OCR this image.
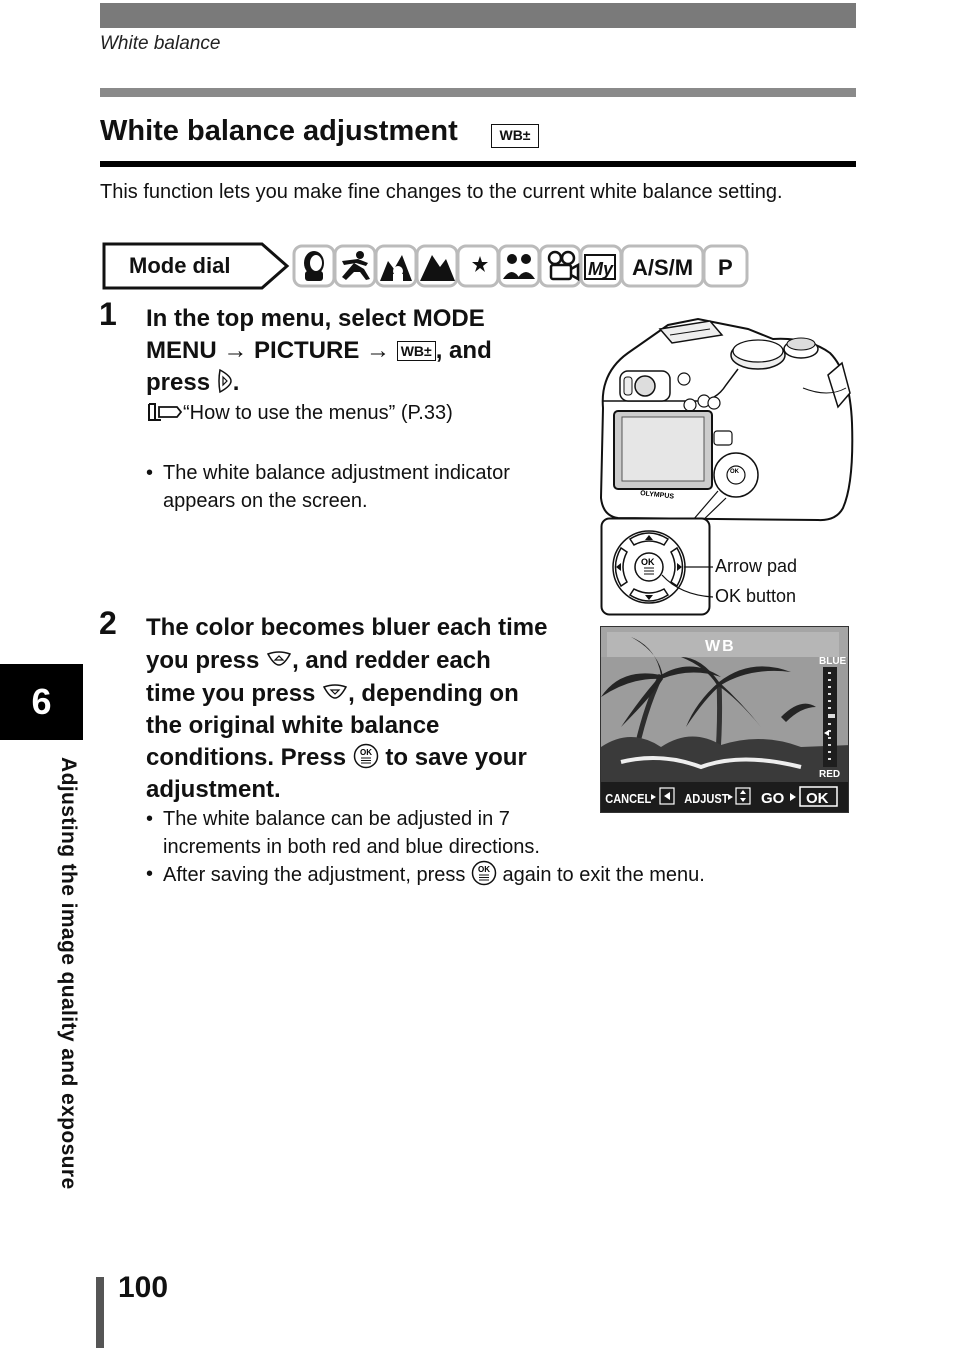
White balance
White balance adjustment	WB±
This function lets you make fine changes to the current white balance setting.
Mode dial	My A/S/M P
1 In the top menu, select MODE
MENU → PICTURE → WB± , and
press .
“How to use the menus” (P.33)
• The white balance adjustment indicator
appears on the screen.	OLYMPUS
OK
OK	Arrow pad
OK button
2 The color becomes bluer each time
you press , and redder each
time you press , depending on
the original white balance
conditions. Press OK to save your
adjustment.
• The white balance can be adjusted in 7
increments in both red and blue directions.
• After saving the adjustment, press OK again to exit the menu.
WB
BLUE
RED
CANCEL	ADJUST GO OK
6
Adjusting the image quality and exposure
100
